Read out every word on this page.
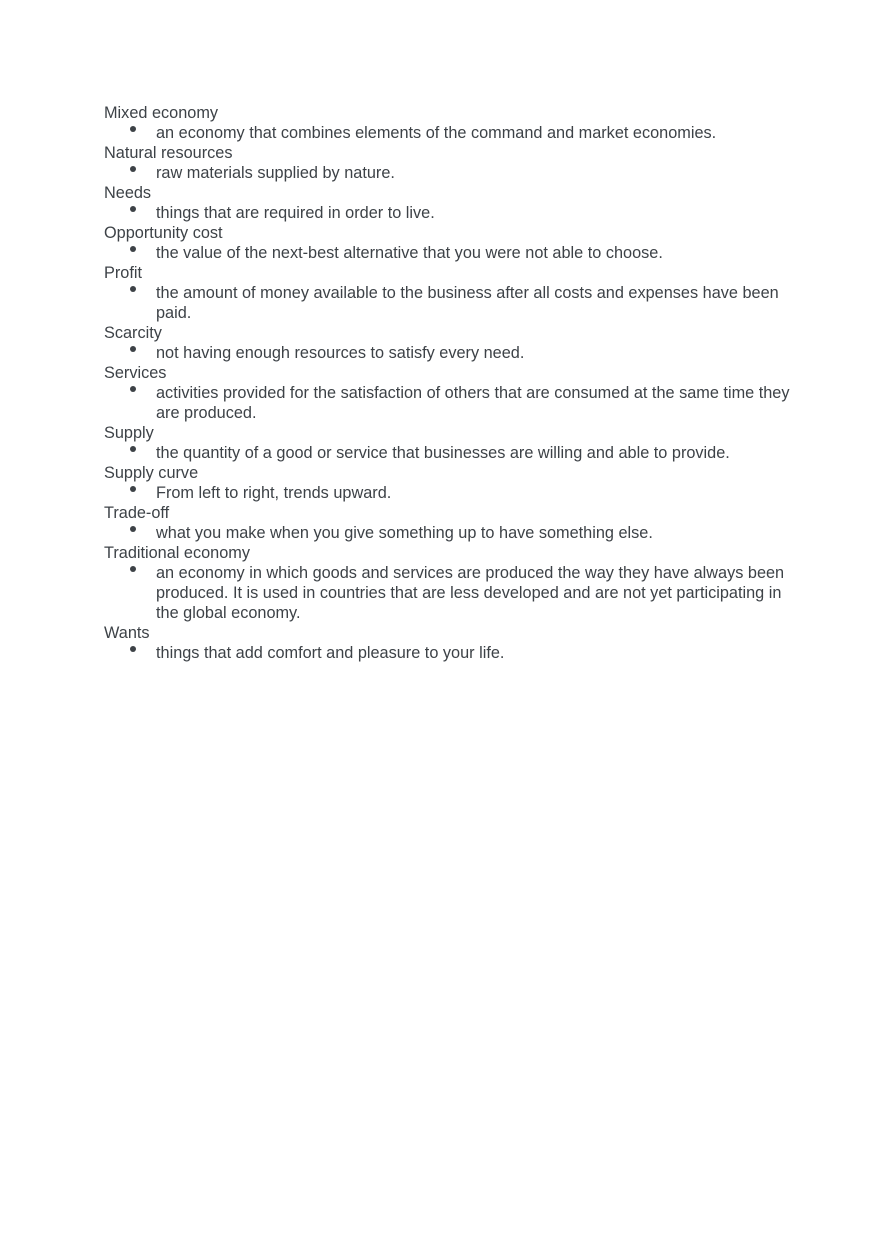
Mixed economy
an economy that combines elements of the command and market economies.
Natural resources
raw materials supplied by nature.
Needs
things that are required in order to live.
Opportunity cost
the value of the next-best alternative that you were not able to choose.
Profit
the amount of money available to the business after all costs and expenses have been paid.
Scarcity
not having enough resources to satisfy every need.
Services
activities provided for the satisfaction of others that are consumed at the same time they are produced.
Supply
the quantity of a good or service that businesses are willing and able to provide.
Supply curve
From left to right, trends upward.
Trade-off
what you make when you give something up to have something else.
Traditional economy
an economy in which goods and services are produced the way they have always been produced. It is used in countries that are less developed and are not yet participating in the global economy.
Wants
things that add comfort and pleasure to your life.
